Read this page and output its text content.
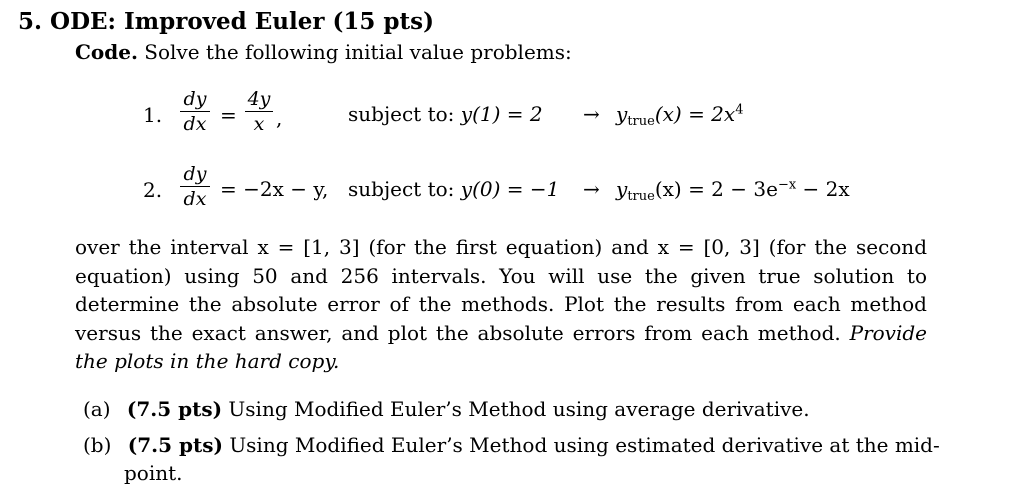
5. ODE: Improved Euler (15 pts)
Code. Solve the following initial value problems:
1.
dy
dx =
4y
x ,	subject to: $y(1) = 2 \to y_{true}(x) = 2x^4$
2.
dy
dx = −2x − y, subject to: $y(0) = -1 \to y_{true}(x) = 2 - 3e^{-x} - 2x$
over the interval x = [1, 3] (for the first equation) and x = [0, 3] (for the second equation) using 50 and 256 intervals. You will use the given true solution to determine the absolute error of the methods. Plot the results from each method versus the exact answer, and plot the absolute errors from each method. Provide the plots in the hard copy.
(a) (7.5 pts) Using Modified Euler’s Method using average derivative.
(b) (7.5 pts) Using Modified Euler’s Method using estimated derivative at the mid-
point.
